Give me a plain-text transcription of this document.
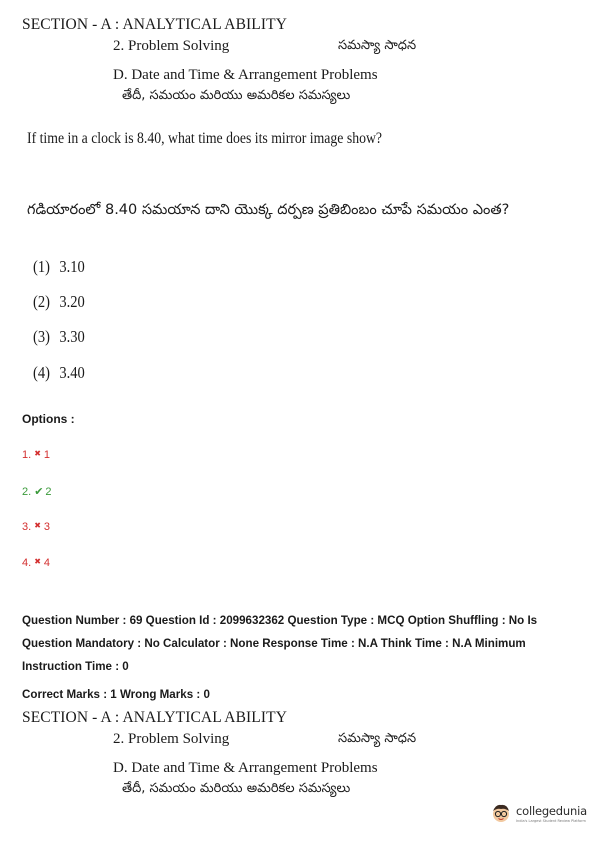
SECTION - A : ANALYTICAL ABILITY
2. Problem Solving	సమస్యా సాధన
D. Date and Time & Arrangement Problems
తేదీ, సమయం మరియు అమరికల సమస్యలు
If time in a clock is 8.40, what time does its mirror image show?
గడియారంలో 8.40 సమయాన దాని యొక్క దర్పణ ప్రతిబింబం చూపే సమయం ఎంత?
(1) 3.10
(2) 3.20
(3) 3.30
(4) 3.40
Options :
1. ✖ 1
2. ✔ 2
3. ✖ 3
4. ✖ 4
Question Number : 69 Question Id : 2099632362 Question Type : MCQ Option Shuffling : No Is Question Mandatory : No Calculator : None Response Time : N.A Think Time : N.A Minimum Instruction Time : 0
Correct Marks : 1 Wrong Marks : 0
SECTION - A : ANALYTICAL ABILITY
2. Problem Solving	సమస్యా సాధన
D. Date and Time & Arrangement Problems
తేదీ, సమయం మరియు అమరికల సమస్యలు
collegedunia
India's Largest Student Review Platform
